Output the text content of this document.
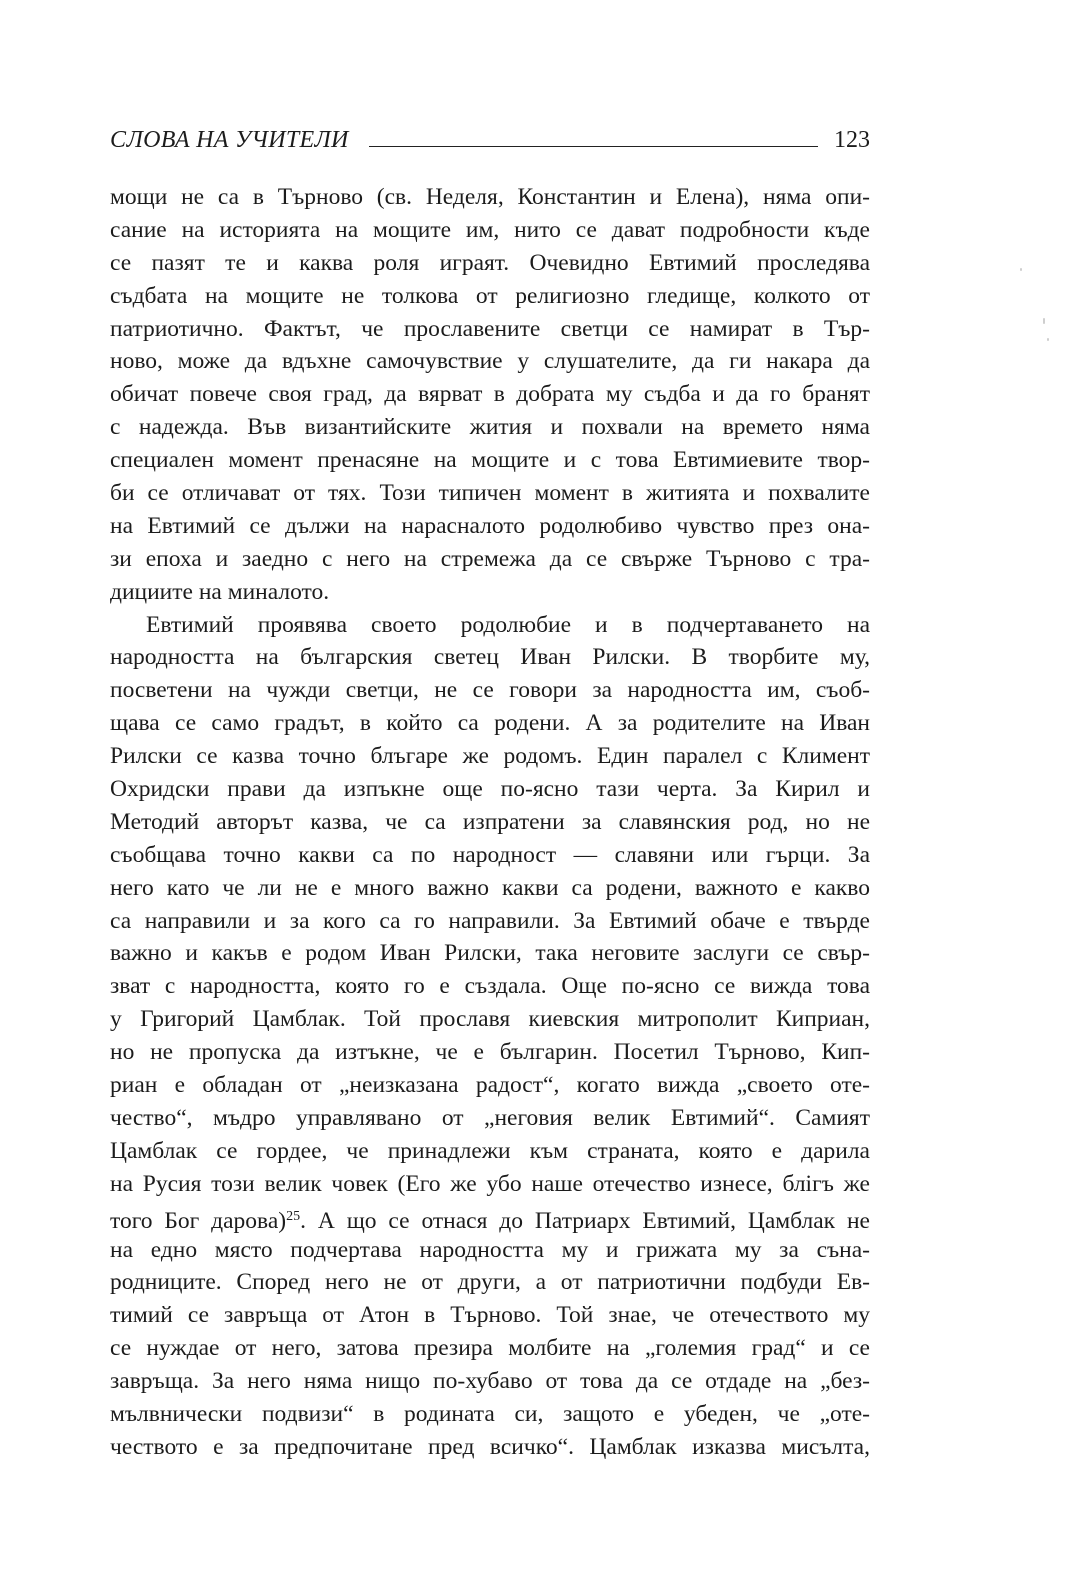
СЛОВА НА УЧИТЕЛИ	123
мощи не са в Търново (св. Неделя, Константин и Елена), няма опи-
сание на историята на мощите им, нито се дават подробности къде
се пазят те и каква роля играят. Очевидно Евтимий проследява
съдбата на мощите не толкова от религиозно гледище, колкото от
патриотично. Фактът, че прославените светци се намират в Тър-
ново, може да вдъхне самочувствие у слушателите, да ги накара да
обичат повече своя град, да вярват в добрата му съдба и да го бранят
с надежда. Във византийските жития и похвали на времето няма
специален момент пренасяне на мощите и с това Евтимиевите твор-
би се отличават от тях. Този типичен момент в житията и похвалите
на Евтимий се дължи на нарасналото родолюбиво чувство през она-
зи епоха и заедно с него на стремежа да се свърже Търново с тра-
дициите на миналото.
Евтимий проявява своето родолюбие и в подчертаването на
народността на българския светец Иван Рилски. В творбите му,
посветени на чужди светци, не се говори за народността им, съоб-
щава се само градът, в който са родени. А за родителите на Иван
Рилски се казва точно блъгаре же родомъ. Един паралел с Климент
Охридски прави да изпъкне още по-ясно тази черта. За Кирил и
Методий авторът казва, че са изпратени за славянския род, но не
съобщава точно какви са по народност — славяни или гърци. За
него като че ли не е много важно какви са родени, важното е какво
са направили и за кого са го направили. За Евтимий обаче е твърде
важно и какъв е родом Иван Рилски, така неговите заслуги се свър-
зват с народността, която го е създала. Още по-ясно се вижда това
у Григорий Цамблак. Той прославя киевския митрополит Киприан,
но не пропуска да изтъкне, че е българин. Посетил Търново, Кип-
риан е обладан от „неизказана радост“, когато вижда „своето оте-
чество“, мъдро управлявано от „неговия велик Евтимий“. Самият
Цамблак се гордее, че принадлежи към страната, която е дарила
на Русия този велик човек (Его же убо наше отечество изнесе, блігъ же
того Бог дарова)$^{25}$. А що се отнася до Патриарх Евтимий, Цамблак не
на едно място подчертава народността му и грижата му за съна-
родниците. Според него не от други, а от патриотични подбуди Ев-
тимий се завръща от Атон в Търново. Той знае, че отечеството му
се нуждае от него, затова презира молбите на „големия град“ и се
завръща. За него няма нищо по-хубаво от това да се отдаде на „без-
мълвнически подвизи“ в родината си, защото е убеден, че „оте-
чеството е за предпочитане пред всичко“. Цамблак изказва мисълта,
